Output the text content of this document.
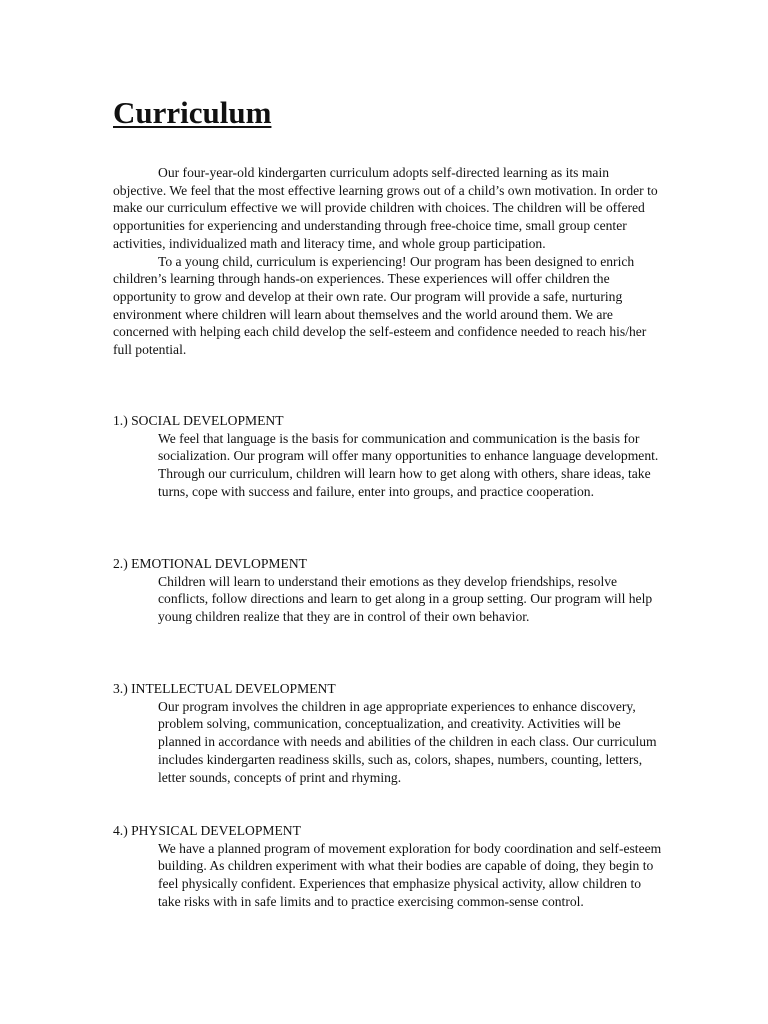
Curriculum

Our four-year-old kindergarten curriculum adopts self-directed learning as its main objective. We feel that the most effective learning grows out of a child’s own motivation. In order to make our curriculum effective we will provide children with choices. The children will be offered opportunities for experiencing and understanding through free-choice time, small group center activities, individualized math and literacy time, and whole group participation.

To a young child, curriculum is experiencing! Our program has been designed to enrich children’s learning through hands-on experiences. These experiences will offer children the opportunity to grow and develop at their own rate. Our program will provide a safe, nurturing environment where children will learn about themselves and the world around them. We are concerned with helping each child develop the self-esteem and confidence needed to reach his/her full potential.

1.) SOCIAL DEVELOPMENT
We feel that language is the basis for communication and communication is the basis for socialization. Our program will offer many opportunities to enhance language development. Through our curriculum, children will learn how to get along with others, share ideas, take turns, cope with success and failure, enter into groups, and practice cooperation.
2.) EMOTIONAL DEVLOPMENT
Children will learn to understand their emotions as they develop friendships, resolve conflicts, follow directions and learn to get along in a group setting. Our program will help young children realize that they are in control of their own behavior.
3.) INTELLECTUAL DEVELOPMENT
Our program involves the children in age appropriate experiences to enhance discovery, problem solving, communication, conceptualization, and creativity. Activities will be planned in accordance with needs and abilities of the children in each class. Our curriculum includes kindergarten readiness skills, such as, colors, shapes, numbers, counting, letters, letter sounds, concepts of print and rhyming.
4.) PHYSICAL DEVELOPMENT
We have a planned program of movement exploration for body coordination and self-esteem building. As children experiment with what their bodies are capable of doing, they begin to feel physically confident. Experiences that emphasize physical activity, allow children to take risks with in safe limits and to practice exercising common-sense control.
